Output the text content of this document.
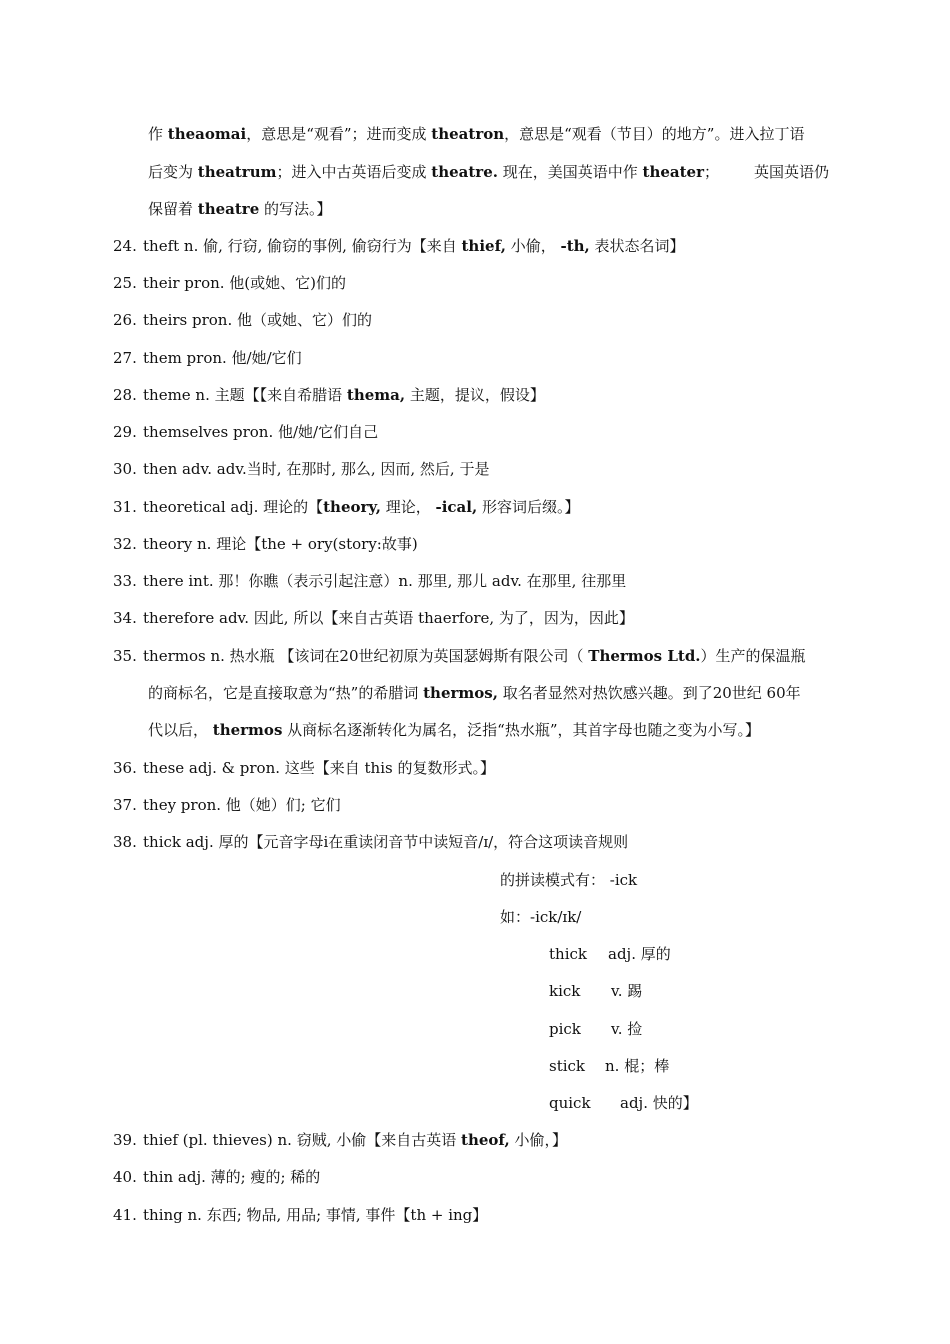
作 theaomai，意思是“观看”；进而变成 theatron，意思是“观看（节目）的地方”。进入拉丁语
后变为 theatrum；进入中古英语后变成 theatre. 现在，美国英语中作 theater； 英国英语仍
保留着 theatre 的写法。】
24. theft n. 偷, 行窃, 偷窃的事例, 偷窃行为【来自 thief, 小偷， -th, 表状态名词】
25. their pron. 他(或她、它)们的
26. theirs pron. 他（或她、它）们的
27. them pron. 他/她/它们
28. theme n. 主题【【来自希腊语 thema, 主题，提议，假设】
29. themselves pron. 他/她/它们自己
30. then adv. adv.当时, 在那时, 那么, 因而, 然后, 于是
31. theoretical adj. 理论的【theory, 理论， -ical, 形容词后缀。】
32. theory n. 理论【the + ory(story:故事)
33. there int. 那！你瞧（表示引起注意）n. 那里, 那儿 adv. 在那里, 往那里
34. therefore adv. 因此, 所以【来自古英语 thaerfore, 为了，因为，因此】
35. thermos n. 热水瓶 【该词在20世纪初原为英国瑟姆斯有限公司（ Thermos Ltd.）生产的保温瓶
的商标名，它是直接取意为“热”的希腊词 thermos, 取名者显然对热饮感兴趣。到了20世纪 60年
代以后， thermos 从商标名逐渐转化为属名，泛指“热水瓶”，其首字母也随之变为小写。】
36. these adj. & pron. 这些【来自 this 的复数形式。】
37. they pron. 他（她）们; 它们
38. thick adj. 厚的【元音字母i在重读闭音节中读短音/ɪ/，符合这项读音规则
的拼读模式有： -ick
如：-ick/ɪk/
thick adj. 厚的
kick v. 踢
pick v. 捡
stick n. 棍；棒
quick adj. 快的】
39. thief (pl. thieves) n. 窃贼, 小偷【来自古英语 theof, 小偷，】
40. thin adj. 薄的; 瘦的; 稀的
41. thing n. 东西; 物品, 用品; 事情, 事件【th + ing】
